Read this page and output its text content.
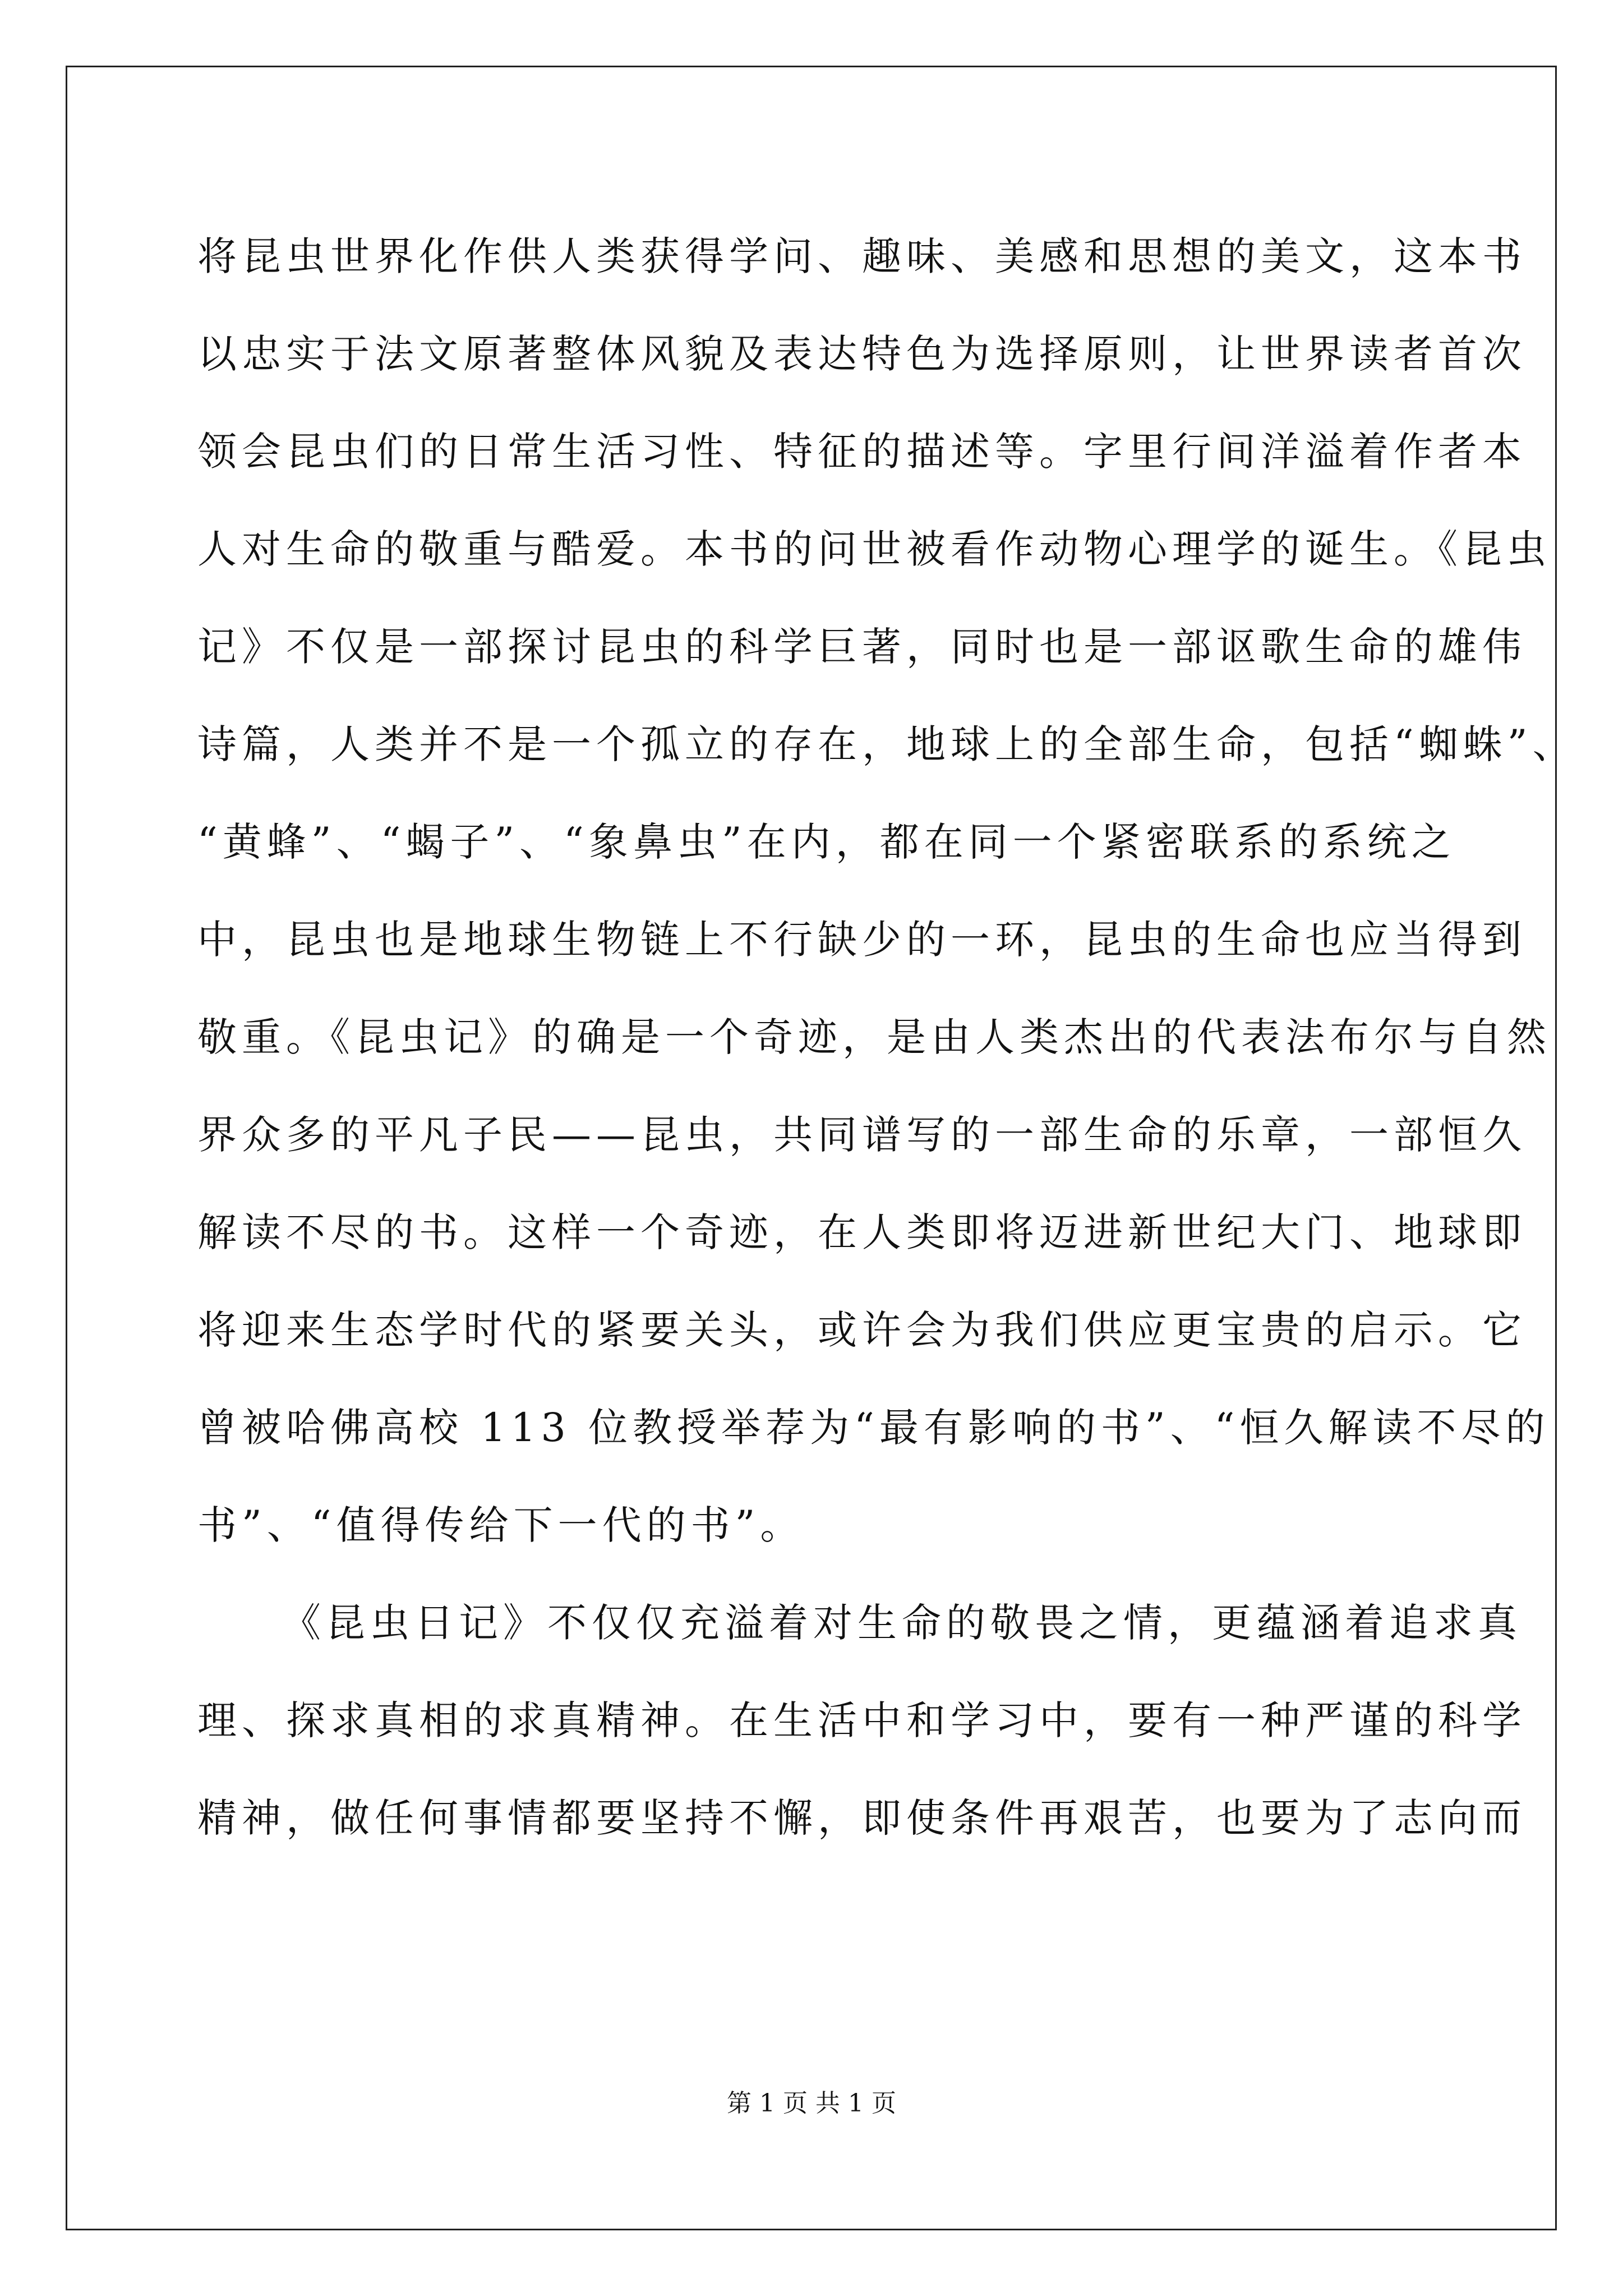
将昆虫世界化作供人类获得学问、趣味、美感和思想的美文，这本书
以忠实于法文原著整体风貌及表达特色为选择原则，让世界读者首次
领会昆虫们的日常生活习性、特征的描述等。字里行间洋溢着作者本
人对生命的敬重与酷爱。本书的问世被看作动物心理学的诞生。《昆虫
记》不仅是一部探讨昆虫的科学巨著，同时也是一部讴歌生命的雄伟
诗篇，人类并不是一个孤立的存在，地球上的全部生命，包括“蜘蛛”、
“黄蜂”、“蝎子”、“象鼻虫”在内，都在同一个紧密联系的系统之
中，昆虫也是地球生物链上不行缺少的一环，昆虫的生命也应当得到
敬重。《昆虫记》的确是一个奇迹，是由人类杰出的代表法布尔与自然
界众多的平凡子民——昆虫，共同谱写的一部生命的乐章，一部恒久
解读不尽的书。这样一个奇迹，在人类即将迈进新世纪大门、地球即
将迎来生态学时代的紧要关头，或许会为我们供应更宝贵的启示。它
曾被哈佛高校 113 位教授举荐为“最有影响的书”、“恒久解读不尽的
书”、“值得传给下一代的书”。
《昆虫日记》不仅仅充溢着对生命的敬畏之情，更蕴涵着追求真
理、探求真相的求真精神。在生活中和学习中，要有一种严谨的科学
精神，做任何事情都要坚持不懈，即使条件再艰苦，也要为了志向而
第 1 页 共 1 页
